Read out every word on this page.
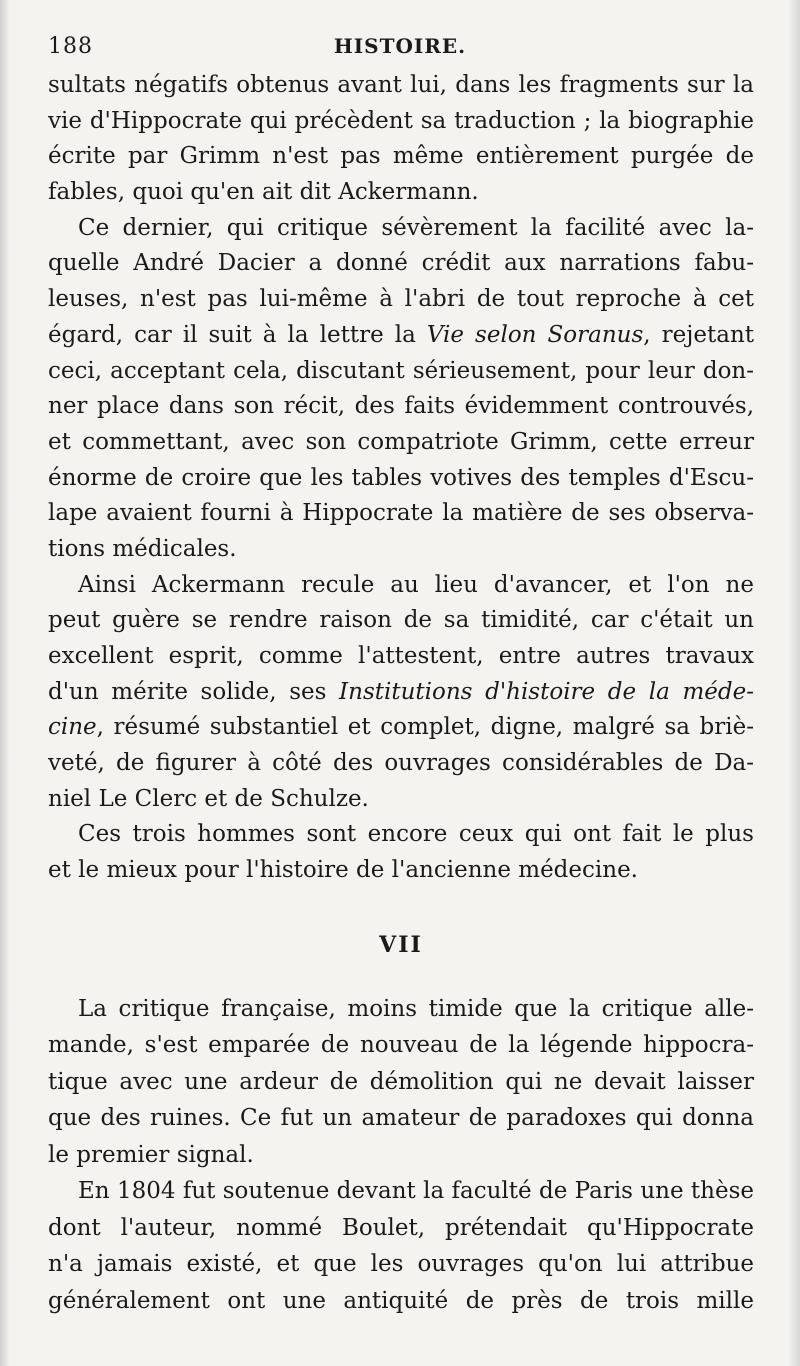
188	HISTOIRE.
sultats négatifs obtenus avant lui, dans les fragments sur la
vie d'Hippocrate qui précèdent sa traduction ; la biographie
écrite par Grimm n'est pas même entièrement purgée de
fables, quoi qu'en ait dit Ackermann.
Ce dernier, qui critique sévèrement la facilité avec la-
quelle André Dacier a donné crédit aux narrations fabu-
leuses, n'est pas lui-même à l'abri de tout reproche à cet
égard, car il suit à la lettre la Vie selon Soranus, rejetant
ceci, acceptant cela, discutant sérieusement, pour leur don-
ner place dans son récit, des faits évidemment controuvés,
et commettant, avec son compatriote Grimm, cette erreur
énorme de croire que les tables votives des temples d'Escu-
lape avaient fourni à Hippocrate la matière de ses observa-
tions médicales.
Ainsi Ackermann recule au lieu d'avancer, et l'on ne
peut guère se rendre raison de sa timidité, car c'était un
excellent esprit, comme l'attestent, entre autres travaux
d'un mérite solide, ses Institutions d'histoire de la méde-
cine, résumé substantiel et complet, digne, malgré sa briè-
veté, de figurer à côté des ouvrages considérables de Da-
niel Le Clerc et de Schulze.
Ces trois hommes sont encore ceux qui ont fait le plus
et le mieux pour l'histoire de l'ancienne médecine.
VII
La critique française, moins timide que la critique alle-
mande, s'est emparée de nouveau de la légende hippocra-
tique avec une ardeur de démolition qui ne devait laisser
que des ruines. Ce fut un amateur de paradoxes qui donna
le premier signal.
En 1804 fut soutenue devant la faculté de Paris une thèse
dont l'auteur, nommé Boulet, prétendait qu'Hippocrate
n'a jamais existé, et que les ouvrages qu'on lui attribue
généralement ont une antiquité de près de trois mille
